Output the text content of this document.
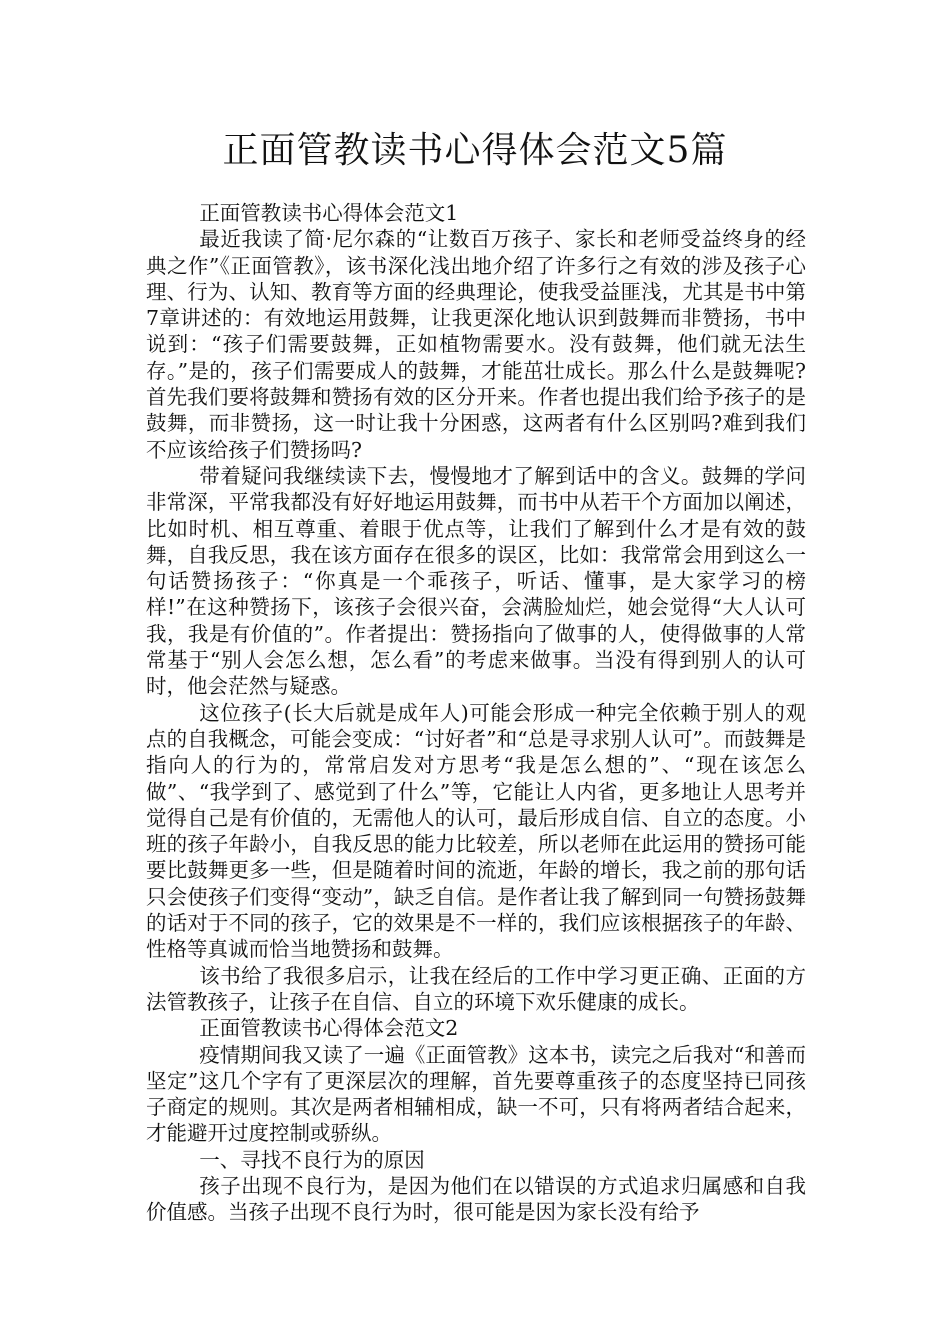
正面管教读书心得体会范文5篇

正面管教读书心得体会范文1

最近我读了简·尼尔森的“让数百万孩子、家长和老师受益终身的经典之作”《正面管教》，该书深化浅出地介绍了许多行之有效的涉及孩子心理、行为、认知、教育等方面的经典理论，使我受益匪浅，尤其是书中第7章讲述的：有效地运用鼓舞，让我更深化地认识到鼓舞而非赞扬，书中说到：“孩子们需要鼓舞，正如植物需要水。没有鼓舞，他们就无法生存。”是的，孩子们需要成人的鼓舞，才能茁壮成长。那么什么是鼓舞呢?首先我们要将鼓舞和赞扬有效的区分开来。作者也提出我们给予孩子的是鼓舞，而非赞扬，这一时让我十分困惑，这两者有什么区别吗?难到我们不应该给孩子们赞扬吗?

带着疑问我继续读下去，慢慢地才了解到话中的含义。鼓舞的学问非常深，平常我都没有好好地运用鼓舞，而书中从若干个方面加以阐述，比如时机、相互尊重、着眼于优点等，让我们了解到什么才是有效的鼓舞，自我反思，我在该方面存在很多的误区，比如：我常常会用到这么一句话赞扬孩子：“你真是一个乖孩子，听话、懂事，是大家学习的榜样!”在这种赞扬下，该孩子会很兴奋，会满脸灿烂，她会觉得“大人认可我，我是有价值的”。作者提出：赞扬指向了做事的人，使得做事的人常常基于“别人会怎么想，怎么看”的考虑来做事。当没有得到别人的认可时，他会茫然与疑惑。

这位孩子(长大后就是成年人)可能会形成一种完全依赖于别人的观点的自我概念，可能会变成：“讨好者”和“总是寻求别人认可”。而鼓舞是指向人的行为的，常常启发对方思考“我是怎么想的”、“现在该怎么做”、“我学到了、感觉到了什么”等，它能让人内省，更多地让人思考并觉得自己是有价值的，无需他人的认可，最后形成自信、自立的态度。小班的孩子年龄小，自我反思的能力比较差，所以老师在此运用的赞扬可能要比鼓舞更多一些，但是随着时间的流逝，年龄的增长，我之前的那句话只会使孩子们变得“变动”，缺乏自信。是作者让我了解到同一句赞扬鼓舞的话对于不同的孩子，它的效果是不一样的，我们应该根据孩子的年龄、性格等真诚而恰当地赞扬和鼓舞。

该书给了我很多启示，让我在经后的工作中学习更正确、正面的方法管教孩子，让孩子在自信、自立的环境下欢乐健康的成长。

正面管教读书心得体会范文2

疫情期间我又读了一遍《正面管教》这本书，读完之后我对“和善而坚定”这几个字有了更深层次的理解，首先要尊重孩子的态度坚持已同孩子商定的规则。其次是两者相辅相成，缺一不可，只有将两者结合起来，才能避开过度控制或骄纵。

一、寻找不良行为的原因

孩子出现不良行为，是因为他们在以错误的方式追求归属感和自我价值感。当孩子出现不良行为时，很可能是因为家长没有给予
